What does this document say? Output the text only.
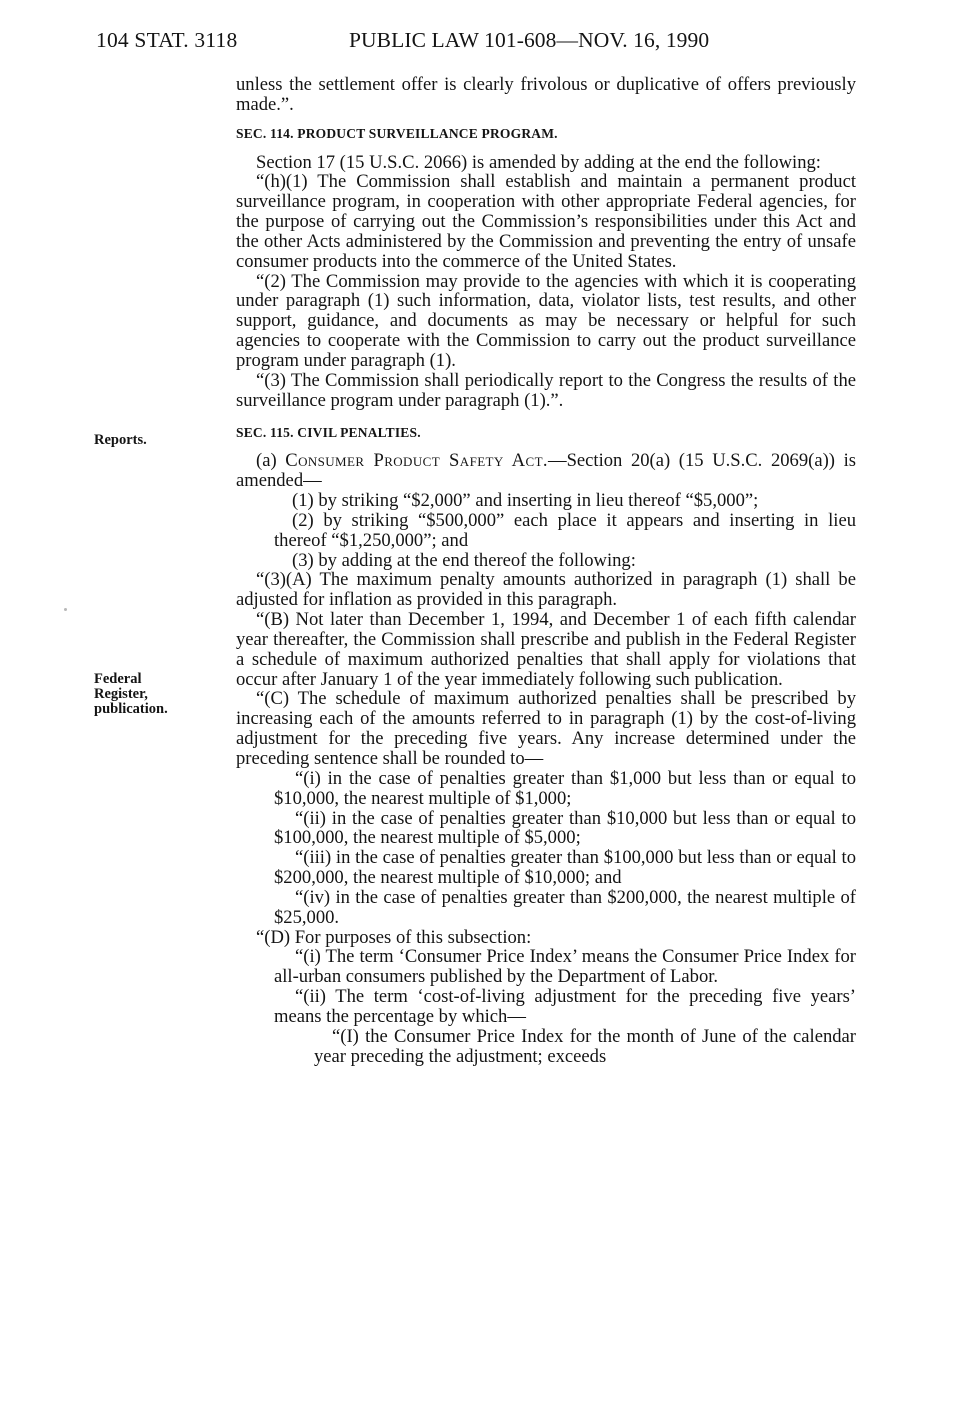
104 STAT. 3118	PUBLIC LAW 101-608—NOV. 16, 1990
Reports.
Federal
Register,
publication.

unless the settlement offer is clearly frivolous or duplicative of offers previously made.”.

SEC. 114. PRODUCT SURVEILLANCE PROGRAM.

Section 17 (15 U.S.C. 2066) is amended by adding at the end the following:

“(h)(1) The Commission shall establish and maintain a permanent product surveillance program, in cooperation with other appropriate Federal agencies, for the purpose of carrying out the Commission’s responsibilities under this Act and the other Acts administered by the Commission and preventing the entry of unsafe consumer products into the commerce of the United States.

“(2) The Commission may provide to the agencies with which it is cooperating under paragraph (1) such information, data, violator lists, test results, and other support, guidance, and documents as may be necessary or helpful for such agencies to cooperate with the Commission to carry out the product surveillance program under paragraph (1).

“(3) The Commission shall periodically report to the Congress the results of the surveillance program under paragraph (1).”.

SEC. 115. CIVIL PENALTIES.

(a) Consumer Product Safety Act.—Section 20(a) (15 U.S.C. 2069(a)) is amended—

(1) by striking “$2,000” and inserting in lieu thereof “$5,000”;

(2) by striking “$500,000” each place it appears and inserting in lieu thereof “$1,250,000”; and

(3) by adding at the end thereof the following:

“(3)(A) The maximum penalty amounts authorized in paragraph (1) shall be adjusted for inflation as provided in this paragraph.

“(B) Not later than December 1, 1994, and December 1 of each fifth calendar year thereafter, the Commission shall prescribe and publish in the Federal Register a schedule of maximum authorized penalties that shall apply for violations that occur after January 1 of the year immediately following such publication.

“(C) The schedule of maximum authorized penalties shall be prescribed by increasing each of the amounts referred to in paragraph (1) by the cost-of-living adjustment for the preceding five years. Any increase determined under the preceding sentence shall be rounded to—

“(i) in the case of penalties greater than $1,000 but less than or equal to $10,000, the nearest multiple of $1,000;

“(ii) in the case of penalties greater than $10,000 but less than or equal to $100,000, the nearest multiple of $5,000;

“(iii) in the case of penalties greater than $100,000 but less than or equal to $200,000, the nearest multiple of $10,000; and

“(iv) in the case of penalties greater than $200,000, the nearest multiple of $25,000.

“(D) For purposes of this subsection:

“(i) The term ‘Consumer Price Index’ means the Consumer Price Index for all-urban consumers published by the Department of Labor.

“(ii) The term ‘cost-of-living adjustment for the preceding five years’ means the percentage by which—

“(I) the Consumer Price Index for the month of June of the calendar year preceding the adjustment; exceeds
